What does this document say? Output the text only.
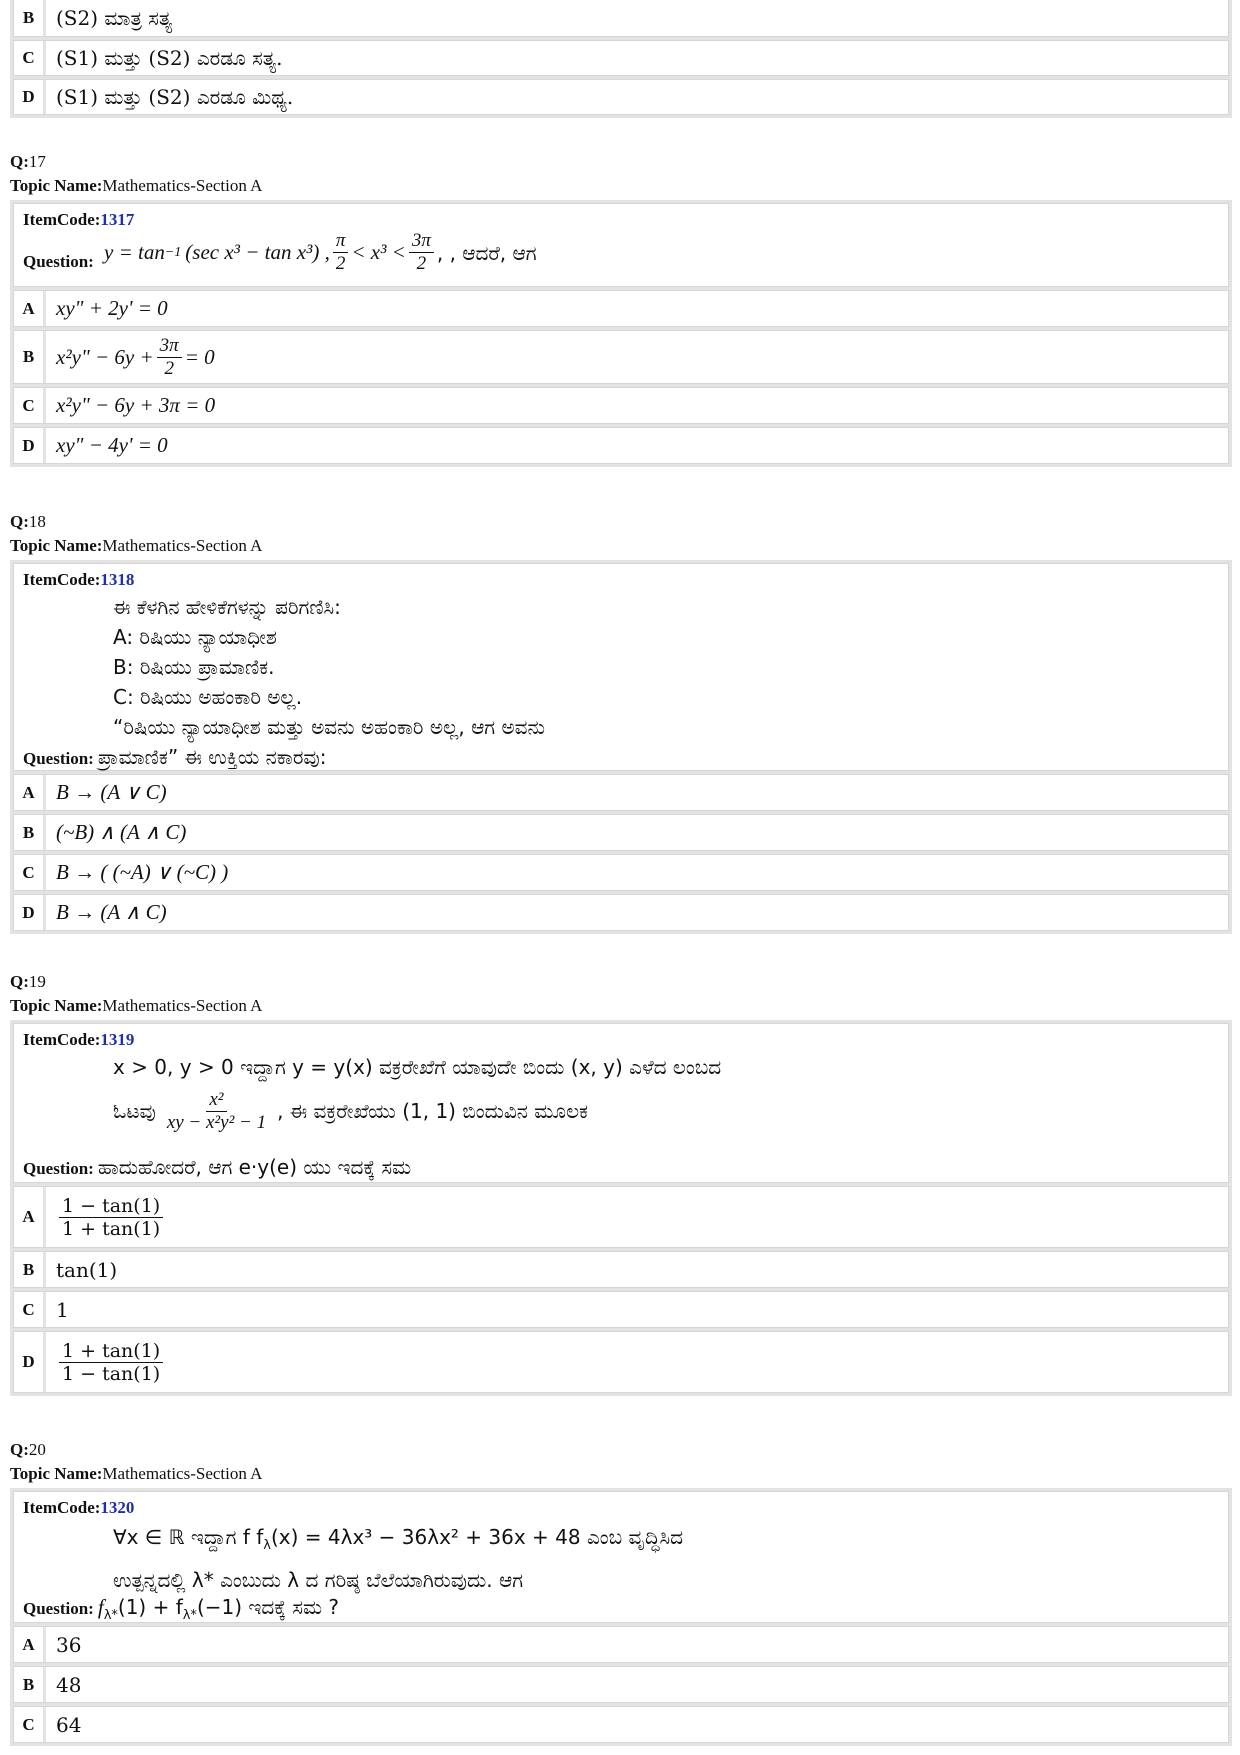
B	(S2) ಮಾತ್ರ ಸತ್ಯ
C	(S1) ಮತ್ತು (S2) ಎರಡೂ ಸತ್ಯ.
D	(S1) ಮತ್ತು (S2) ಎರಡೂ ಮಿಥ್ಯ.
Q:17
Topic Name:Mathematics-Section A
ItemCode:1317
Question: y = tan −1 (sec x³ − tan x³) , $\frac{\pi}{2} < x^3 < \frac{3\pi}{2}$ , , ಆದರೆ, ಆಗ
A	xy" + 2y' = 0
B	x²y" − $6y + \frac{3\pi}{2} = 0$
C	x²y" − 6y + 3π = 0
D	xy" − 4y' = 0
Q:18
Topic Name:Mathematics-Section A
ItemCode:1318
ಈ ಕೆಳಗಿನ ಹೇಳಿಕೆಗಳನ್ನು ಪರಿಗಣಿಸಿ:
A: ರಿಷಿಯು ನ್ಯಾಯಾಧೀಶ
B: ರಿಷಿಯು ಪ್ರಾಮಾಣಿಕ.
C: ರಿಷಿಯು ಅಹಂಕಾರಿ ಅಲ್ಲ.
“ರಿಷಿಯು ನ್ಯಾಯಾಧೀಶ ಮತ್ತು ಅವನು ಅಹಂಕಾರಿ ಅಲ್ಲ, ಆಗ ಅವನು
Question: ಪ್ರಾಮಾಣಿಕ” ಈ ಉಕ್ತಿಯ ನಕಾರವು:
A	B → (A ∨ C)
B	(~B) ∧ (A ∧ C)
C	B → ( (~A) ∨ (~C) )
D	B → (A ∧ C)
Q:19
Topic Name:Mathematics-Section A
ItemCode:1319
x > 0, y > 0 ಇದ್ದಾಗ y = y(x) ವಕ್ರರೇಖೆಗೆ ಯಾವುದೇ ಬಿಂದು (x, y) ಎಳೆದ ಲಂಬದ
ಓಟವು $\frac{\text{x²}}{\text{xy − x²y² − 1}}$ , ಈ ವಕ್ರರೇಖೆಯು (1, 1) ಬಿಂದುವಿನ ಮೂಲಕ
Question: ಹಾದುಹೋದರೆ, ಆಗ e·y(e) ಯು ಇದಕ್ಕೆ ಸಮ
A	$\frac{1 - \tan(1)}{1 + \tan(1)}$
B	tan(1)
C	1
D	$\frac{1 + \tan(1)}{1 - \tan(1)}$
Q:20
Topic Name:Mathematics-Section A
ItemCode:1320
∀x ∈ ℝ ಇದ್ದಾಗ f $f_\lambda(x) = 4\lambda x^3 - 36\lambda x^2 + 36x + 48$ ಎಂಬ ವೃದ್ಧಿಸಿದ
ಉತ್ಪನ್ನದಲ್ಲಿ λ* ಎಂಬುದು λ ದ ಗರಿಷ್ಠ ಬೆಲೆಯಾಗಿರುವುದು. ಆಗ
Question: $f_{\lambda*}(1) + f_{\lambda*}(-1)$ ಇದಕ್ಕೆ ಸಮ ?
A	36
B	48
C	64
